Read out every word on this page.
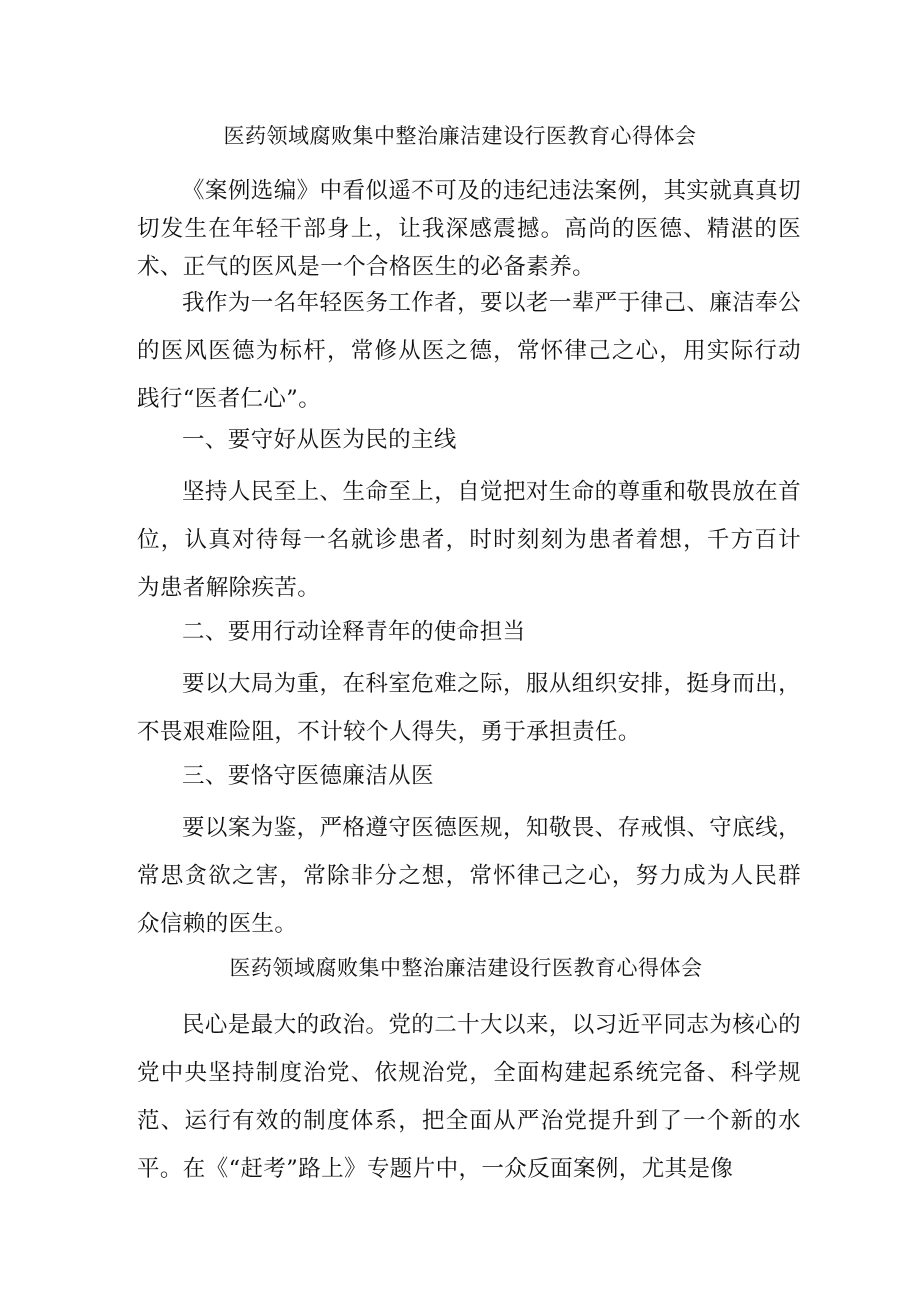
医药领域腐败集中整治廉洁建设行医教育心得体会
《案例选编》中看似遥不可及的违纪违法案例，其实就真真切切发生在年轻干部身上，让我深感震撼。高尚的医德、精湛的医术、正气的医风是一个合格医生的必备素养。
我作为一名年轻医务工作者，要以老一辈严于律己、廉洁奉公的医风医德为标杆，常修从医之德，常怀律己之心，用实际行动践行“医者仁心”。
一、要守好从医为民的主线
坚持人民至上、生命至上，自觉把对生命的尊重和敬畏放在首位，认真对待每一名就诊患者，时时刻刻为患者着想，千方百计为患者解除疾苦。
二、要用行动诠释青年的使命担当
要以大局为重，在科室危难之际，服从组织安排，挺身而出，不畏艰难险阻，不计较个人得失，勇于承担责任。
三、要恪守医德廉洁从医
要以案为鉴，严格遵守医德医规，知敬畏、存戒惧、守底线，常思贪欲之害，常除非分之想，常怀律己之心，努力成为人民群众信赖的医生。
医药领域腐败集中整治廉洁建设行医教育心得体会
民心是最大的政治。党的二十大以来，以习近平同志为核心的党中央坚持制度治党、依规治党，全面构建起系统完备、科学规范、运行有效的制度体系，把全面从严治党提升到了一个新的水平。在《“赶考”路上》专题片中，一众反面案例，尤其是像
